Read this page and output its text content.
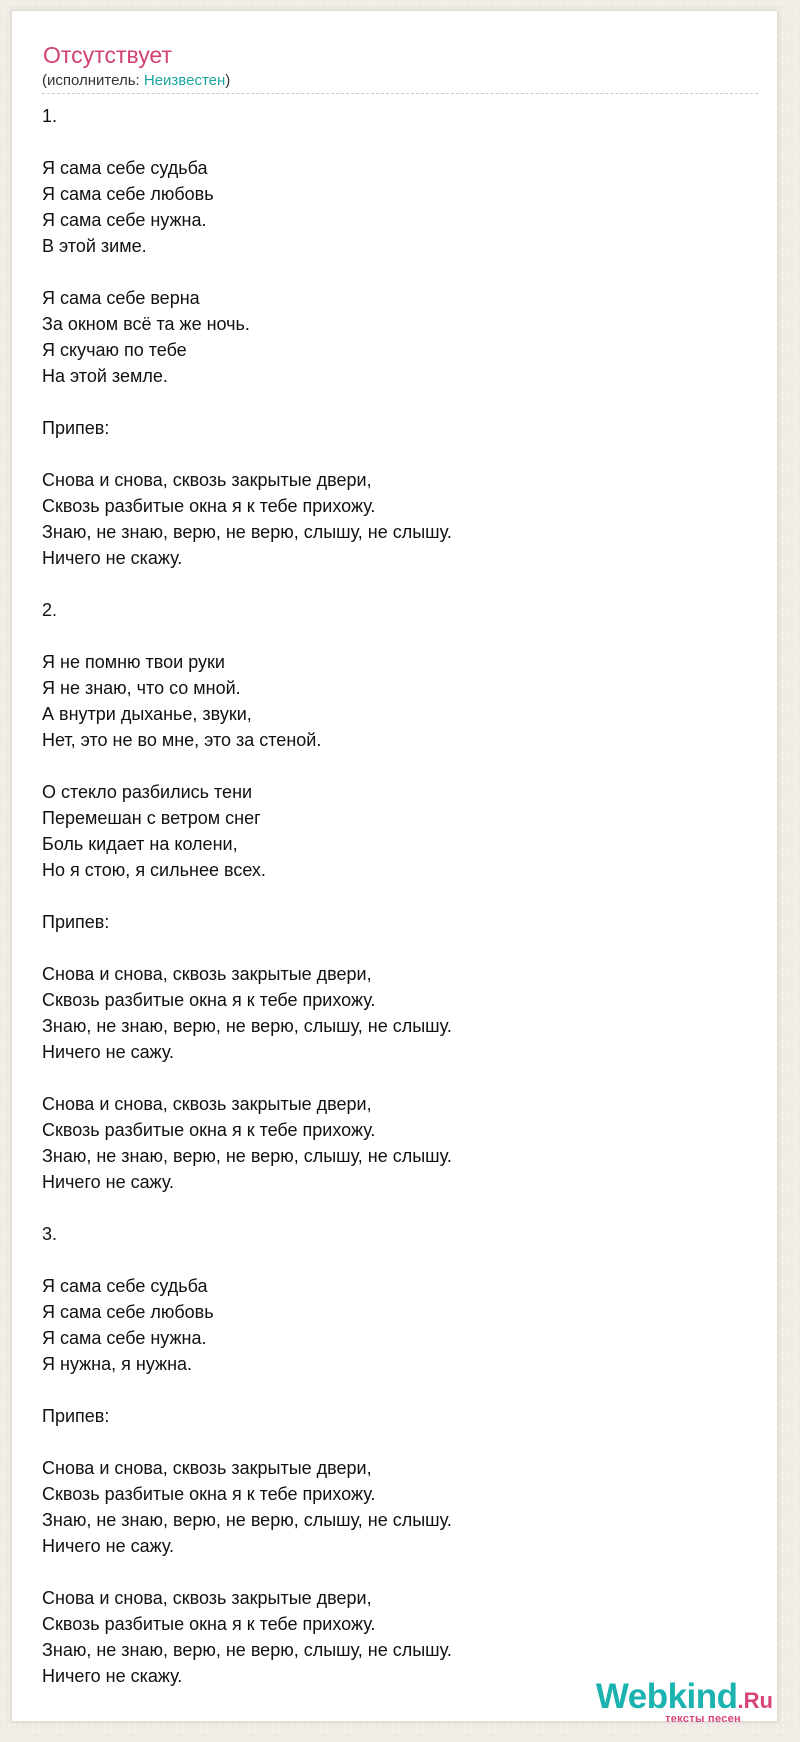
Отсутствует
(исполнитель: Неизвестен)
1.

Я сама себе судьба
Я сама себе любовь
Я сама себе нужна.
В этой зиме.

Я сама себе верна
За окном всё та же ночь.
Я скучаю по тебе
На этой земле.

Припев:

Снова и снова, сквозь закрытые двери,
Сквозь разбитые окна я к тебе прихожу.
Знаю, не знаю, верю, не верю, слышу, не слышу.
Ничего не скажу.

2.

Я не помню твои руки
Я не знаю, что со мной.
А внутри дыханье, звуки,
Нет, это не во мне, это за стеной.

О стекло разбились тени
Перемешан с ветром снег
Боль кидает на колени,
Но я стою, я сильнее всех.

Припев:

Снова и снова, сквозь закрытые двери,
Сквозь разбитые окна я к тебе прихожу.
Знаю, не знаю, верю, не верю, слышу, не слышу.
Ничего не сажу.

Снова и снова, сквозь закрытые двери,
Сквозь разбитые окна я к тебе прихожу.
Знаю, не знаю, верю, не верю, слышу, не слышу.
Ничего не сажу.

3.

Я сама себе судьба
Я сама себе любовь
Я сама себе нужна.
Я нужна, я нужна.

Припев:

Снова и снова, сквозь закрытые двери,
Сквозь разбитые окна я к тебе прихожу.
Знаю, не знаю, верю, не верю, слышу, не слышу.
Ничего не сажу.

Снова и снова, сквозь закрытые двери,
Сквозь разбитые окна я к тебе прихожу.
Знаю, не знаю, верю, не верю, слышу, не слышу.
Ничего не скажу.
Webkind.Ru
тексты песен
